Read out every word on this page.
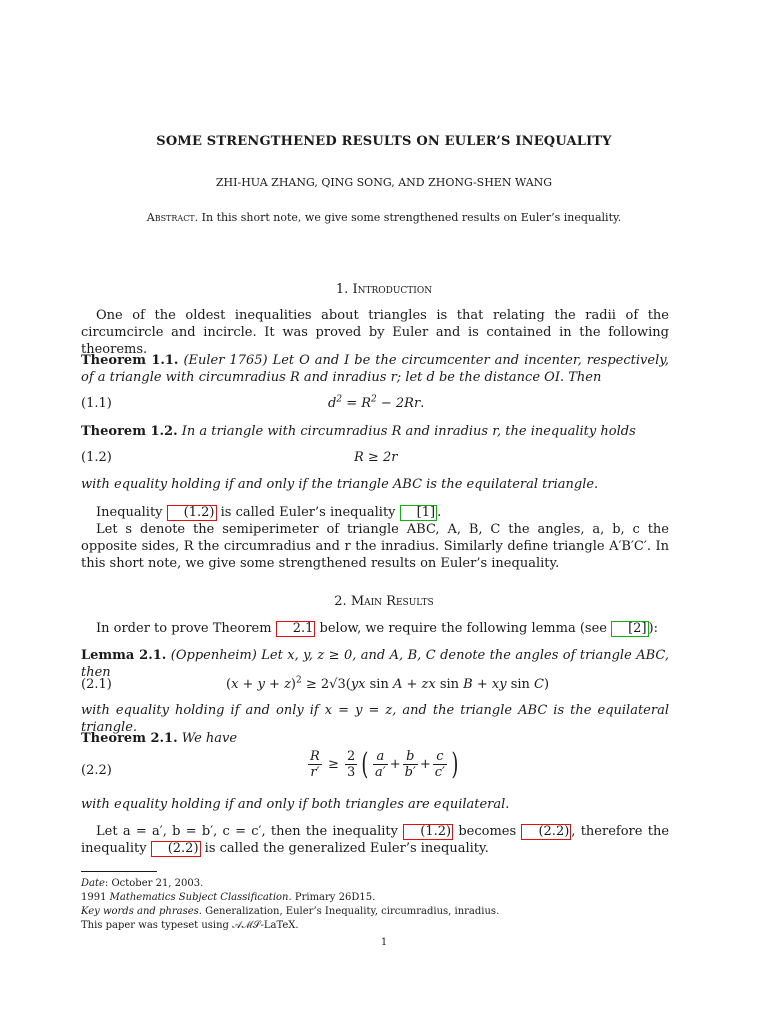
SOME STRENGTHENED RESULTS ON EULER’S INEQUALITY
ZHI-HUA ZHANG, QING SONG, AND ZHONG-SHEN WANG
Abstract. In this short note, we give some strengthened results on Euler’s inequality.
1. Introduction
One of the oldest inequalities about triangles is that relating the radii of the circumcircle and incircle. It was proved by Euler and is contained in the following theorems.
Theorem 1.1. (Euler 1765) Let O and I be the circumcenter and incenter, respectively, of a triangle with circumradius R and inradius r; let d be the distance OI. Then
(1.1)	$d^2 = R^2 - 2Rr$.
Theorem 1.2. In a triangle with circumradius R and inradius r, the inequality holds
(1.2)	R ≥ 2r
with equality holding if and only if the triangle ABC is the equilateral triangle.
Inequality (1.2) is called Euler’s inequality [1] .
Let s denote the semiperimeter of triangle ABC, A, B, C the angles, a, b, c the opposite sides, R the circumradius and r the inradius. Similarly define triangle A′B′C′. In this short note, we give some strengthened results on Euler’s inequality.
2. Main Results
In order to prove Theorem 2.1 below, we require the following lemma (see [2] ):
Lemma 2.1. (Oppenheim) Let x, y, z ≥ 0, and A, B, C denote the angles of triangle ABC, then
(2.1)	$(x + y + z)^2 \ge 2√3(yx$ sin A + zx sin B + xy sin C)
with equality holding if and only if x = y = z, and the triangle ABC is the equilateral triangle.
Theorem 2.1. We have
(2.2)	$\frac{R}{r'} \ge \frac{2}{3}$ ( $\frac{a}{a'} + \frac{b}{b'} + \frac{c}{c'}$ )
with equality holding if and only if both triangles are equilateral.
Let a = a′, b = b′, c = c′, then the inequality (1.2) becomes (2.2) , therefore the inequality (2.2) is called the generalized Euler’s inequality.
Date: October 21, 2003.
1991 Mathematics Subject Classification. Primary 26D15.
Key words and phrases. Generalization, Euler’s Inequality, circumradius, inradius.
This paper was typeset using 𝒜ℳ𝒮-LaTeX.
1
